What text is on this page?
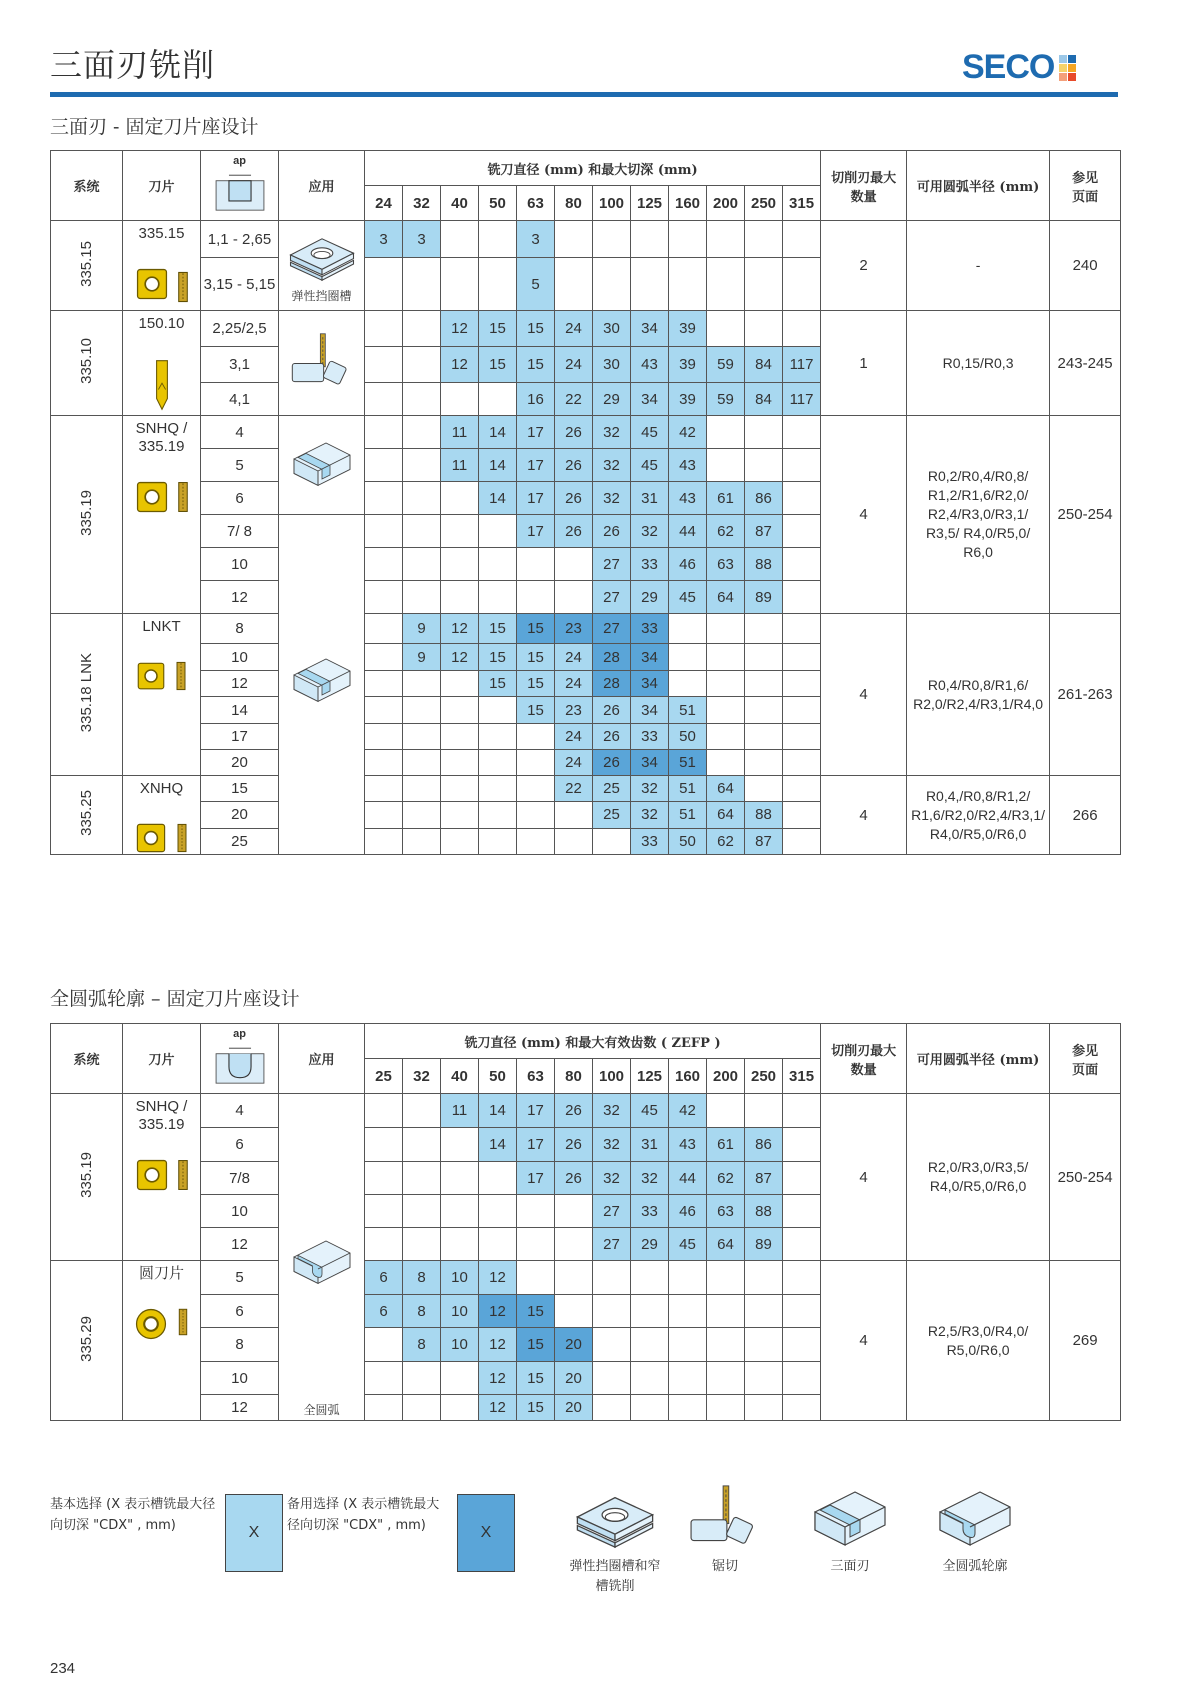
三面刃铣削	SECO
三面刃 - 固定刀片座设计
系统	刀片	ap	应用	铣刀直径 (mm) 和最大切深 (mm)												切削刃最大数量	可用圆弧半径 (mm)	参见页面
				24	32	40	50	63	80	100	125	160	200	250	315			
335.15	335.15	1,1 - 2,65	弹性挡圈槽	3	3			3								2	-	240
		3,15 - 5,15						5										
335.10	150.10	2,25/2,5				12	15	15	24	30	34	39				1	R0,15/R0,3	243-245
		3,1				12	15	15	24	30	43	39	59	84	117			
		4,1						16	22	29	34	39	59	84	117			
335.19	SNHQ / 335.19	4				11	14	17	26	32	45	42				4	R0,2/R0,4/R0,8/ R1,2/R1,6/R2,0/ R2,4/R3,0/R3,1/ R3,5/ R4,0/R5,0/ R6,0	250-254
		5				11	14	17	26	32	45	43						
		6					14	17	26	32	31	43	61	86				
		7/ 8						17	26	26	32	44	62	87				
		10								27	33	46	63	88				
		12								27	29	45	64	89				
335.18 LNK	LNKT	8			9	12	15	15	23	27	33					4	R0,4/R0,8/R1,6/ R2,0/R2,4/R3,1/R4,0	261-263
		10			9	12	15	15	24	28	34							
		12					15	15	24	28	34							
		14						15	23	26	34	51						
		17							24	26	33	50						
		20							24	26	34	51						
335.25	XNHQ	15							22	25	32	51	64			4	R0,4,/R0,8/R1,2/ R1,6/R2,0/R2,4/R3,1/ R4,0/R5,0/R6,0	266
		20								25	32	51	64	88				
		25									33	50	62	87				
全圆弧轮廓 – 固定刀片座设计
系统	刀片	ap	应用	铣刀直径 (mm) 和最大有效齿数 ( ZEFP )												切削刃最大数量	可用圆弧半径 (mm)	参见页面
				25	32	40	50	63	80	100	125	160	200	250	315			
335.19	SNHQ / 335.19	4	全圆弧			11	14	17	26	32	45	42				4	R2,0/R3,0/R3,5/ R4,0/R5,0/R6,0	250-254
		6					14	17	26	32	31	43	61	86				
		7/8						17	26	32	32	44	62	87				
		10								27	33	46	63	88				
		12								27	29	45	64	89				
335.29	圆刀片	5		6	8	10	12									4	R2,5/R3,0/R4,0/ R5,0/R6,0	269
		6		6	8	10	12	15										
		8			8	10	12	15	20									
		10					12	15	20									
		12					12	15	20									
基本选择 (X 表示槽铣最大径向切深 "CDX" , mm)	X
备用选择 (X 表示槽铣最大径向切深 "CDX" , mm)	X
弹性挡圈槽和窄槽铣削
锯切	三面刃	全圆弧轮廓
234
